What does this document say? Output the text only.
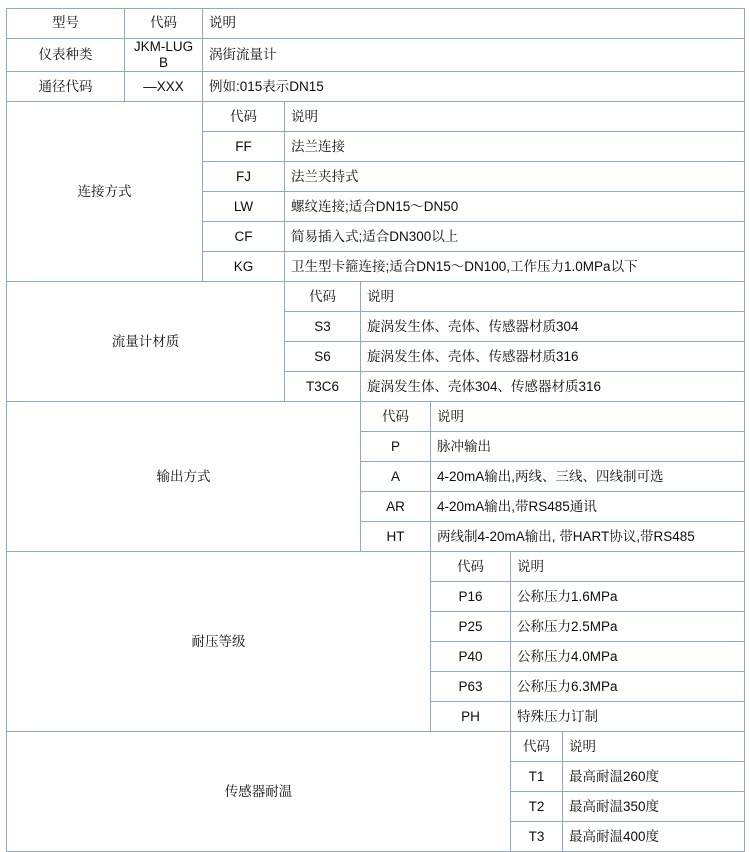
型号	代码	说明					
仪表种类	JKM-LUGB	涡街流量计					
通径代码	—XXX	例如:015表示DN15					
连接方式		代码	说明				
		FF	法兰连接				
		FJ	法兰夹持式				
		LW	螺纹连接;适合DN15～DN50				
		CF	简易插入式;适合DN300以上				
		KG	卫生型卡箍连接;适合DN15～DN100,工作压力1.0MPa以下				
流量计材质			代码	说明			
			S3	旋涡发生体、壳体、传感器材质304			
			S6	旋涡发生体、壳体、传感器材质316			
			T3C6	旋涡发生体、壳体304、传感器材质316			
输出方式				代码	说明		
				P	脉冲输出		
				A	4-20mA输出,两线、三线、四线制可选		
				AR	4-20mA输出,带RS485通讯		
				HT	两线制4-20mA输出, 带HART协议,带RS485		
耐压等级					代码	说明	
					P16	公称压力1.6MPa	
					P25	公称压力2.5MPa	
					P40	公称压力4.0MPa	
					P63	公称压力6.3MPa	
					PH	特殊压力订制	
传感器耐温						代码	说明
						T1	最高耐温260度
						T2	最高耐温350度
						T3	最高耐温400度
